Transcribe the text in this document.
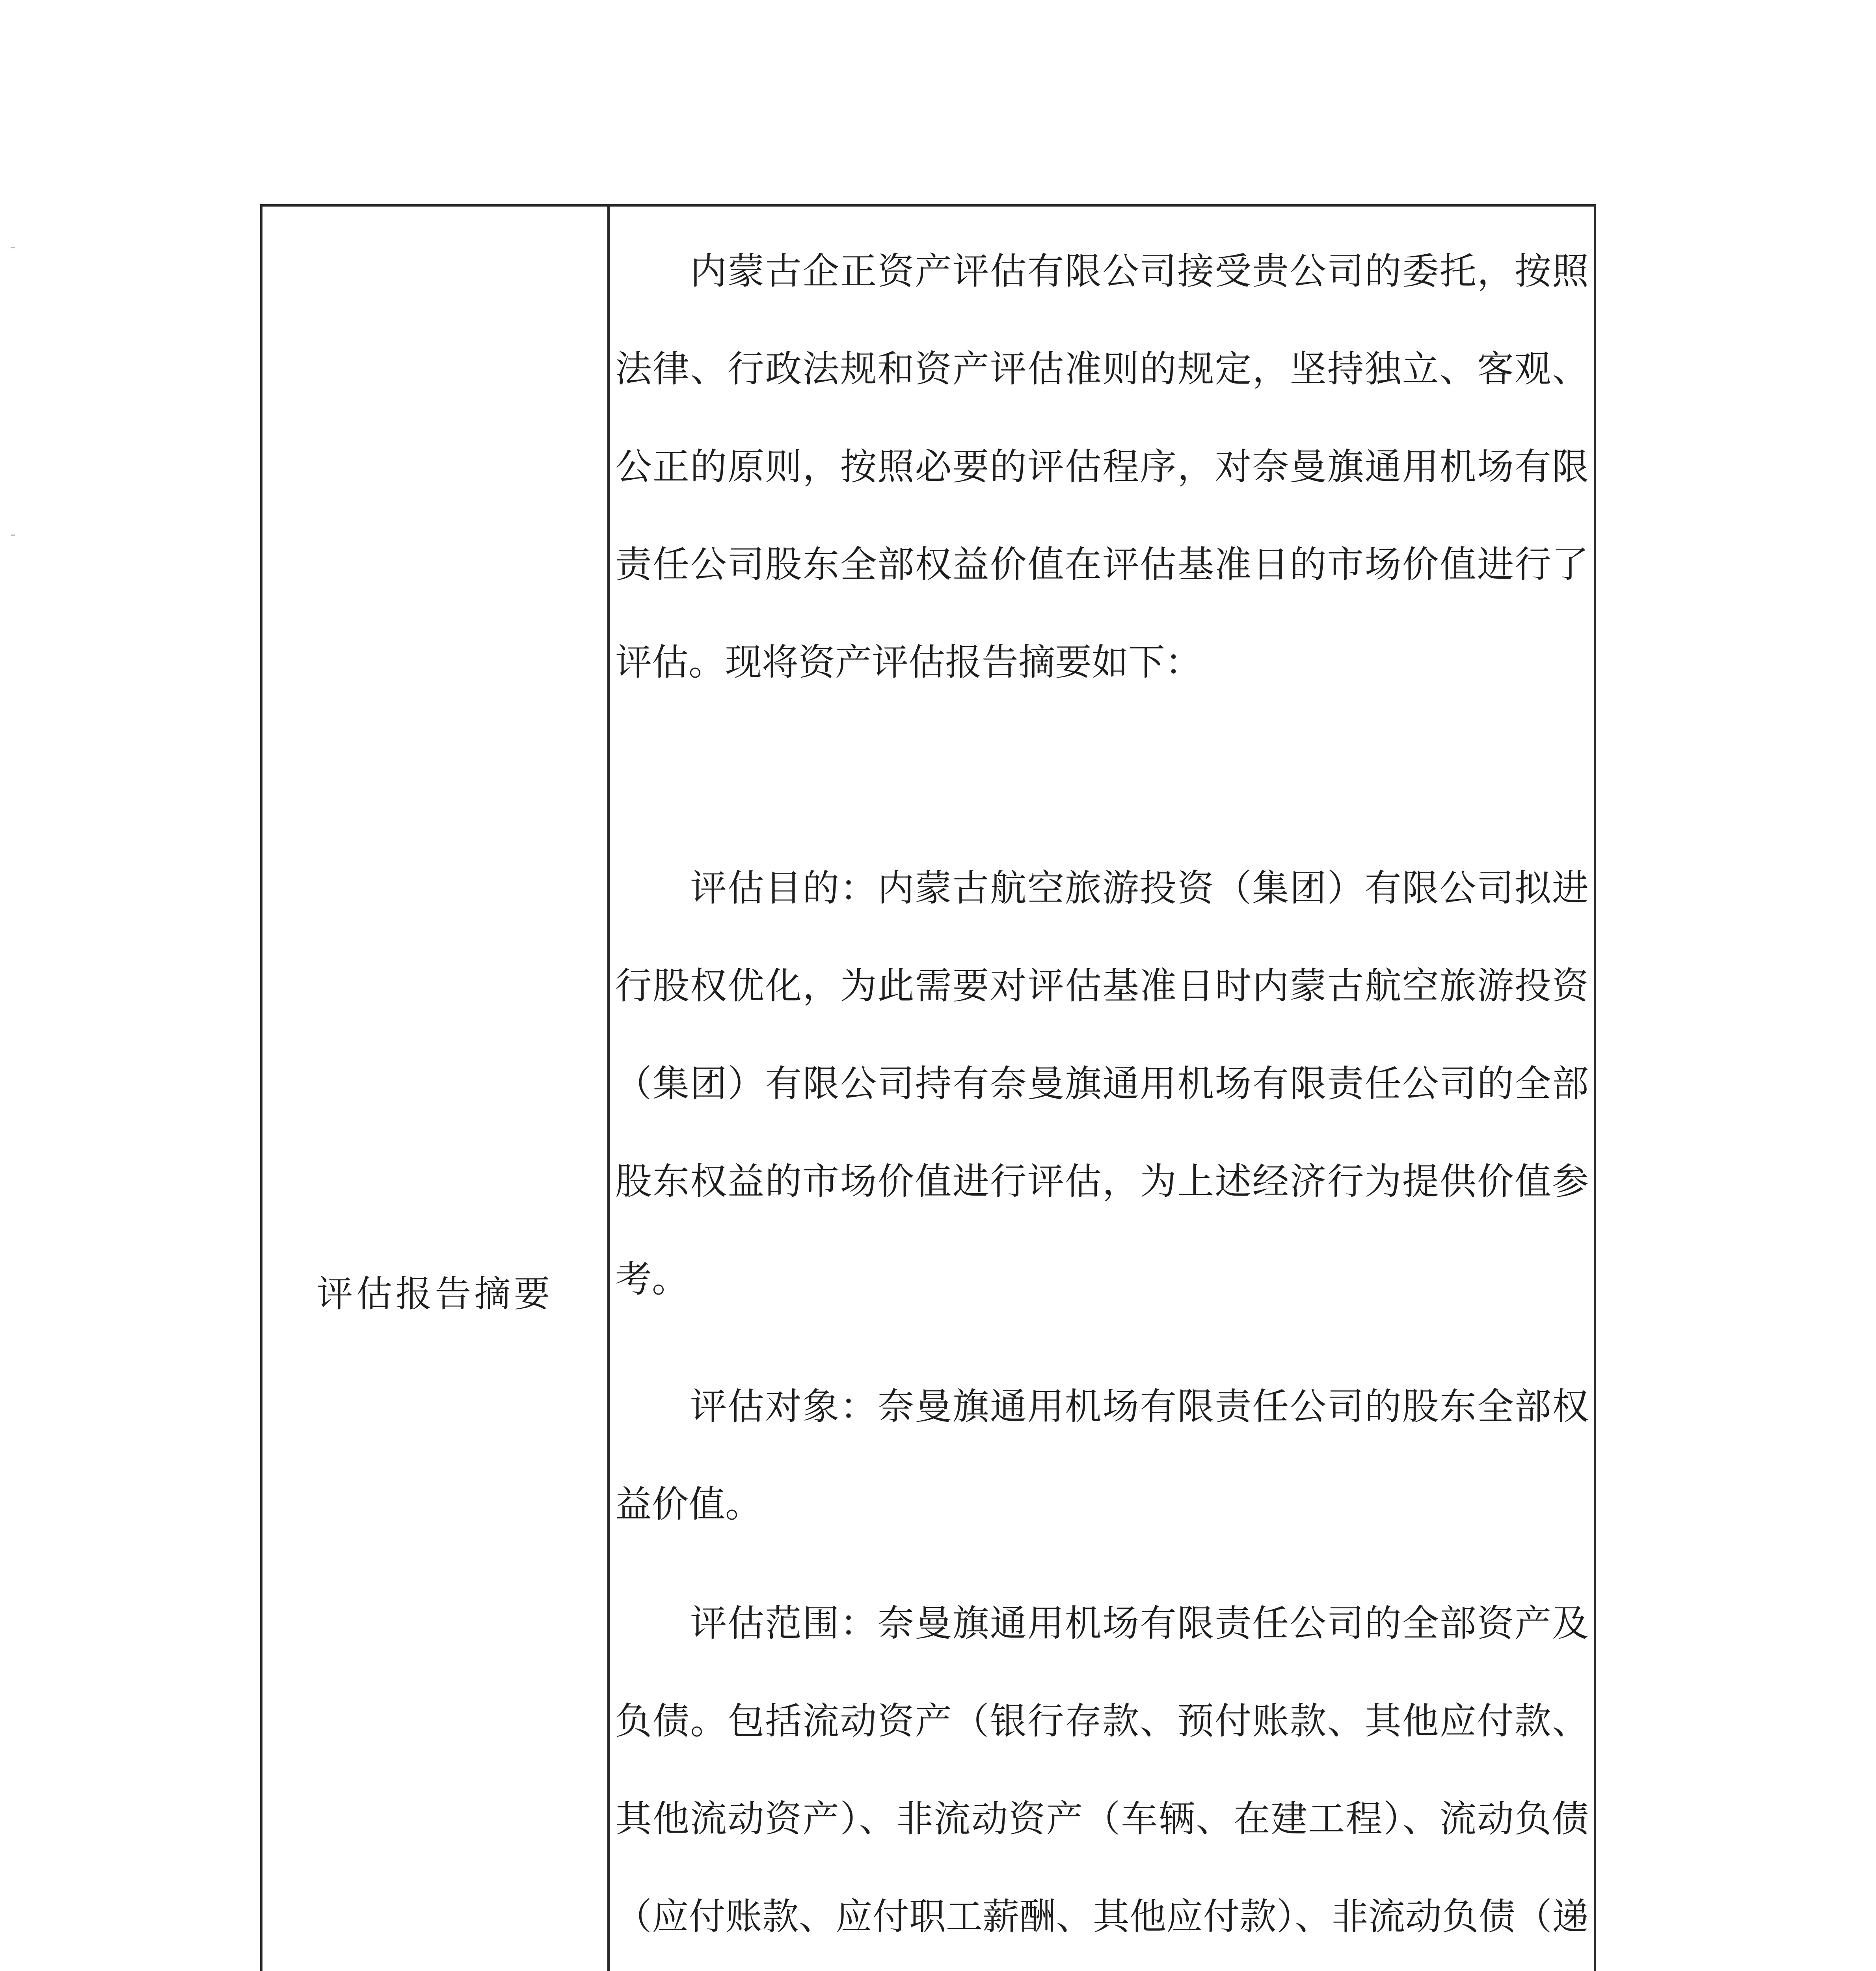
评估报告摘要

内蒙古企正资产评估有限公司接受贵公司的委托，按照法律、行政法规和资产评估准则的规定，坚持独立、客观、公正的原则，按照必要的评估程序，对奈曼旗通用机场有限责任公司股东全部权益价值在评估基准日的市场价值进行了评估。现将资产评估报告摘要如下：

评估目的：内蒙古航空旅游投资（集团）有限公司拟进行股权优化，为此需要对评估基准日时内蒙古航空旅游投资（集团）有限公司持有奈曼旗通用机场有限责任公司的全部股东权益的市场价值进行评估，为上述经济行为提供价值参考。

评估对象：奈曼旗通用机场有限责任公司的股东全部权益价值。

评估范围：奈曼旗通用机场有限责任公司的全部资产及负债。包括流动资产（银行存款、预付账款、其他应付款、其他流动资产）、非流动资产（车辆、在建工程）、流动负债（应付账款、应付职工薪酬、其他应付款）、非流动负债（递
